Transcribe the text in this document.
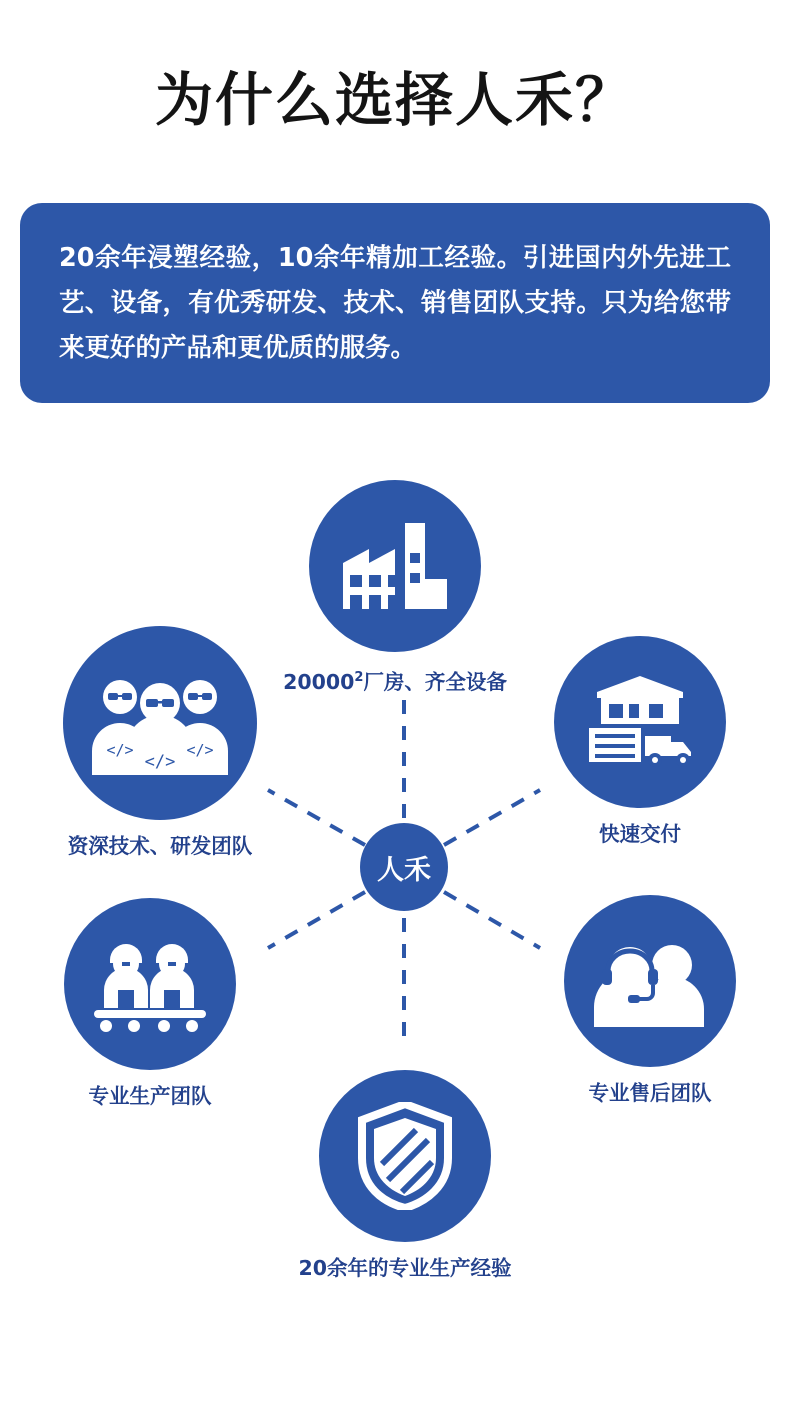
为什么选择人禾？
20余年浸塑经验，10余年精加工经验。引进国内外先进工艺、设备，有优秀研发、技术、销售团队支持。只为给您带来更好的产品和更优质的服务。
人禾
20000$^2$厂房、齐全设备
</>	</>
</>
资深技术、研发团队	快速交付
专业生产团队	专业售后团队
20余年的专业生产经验
